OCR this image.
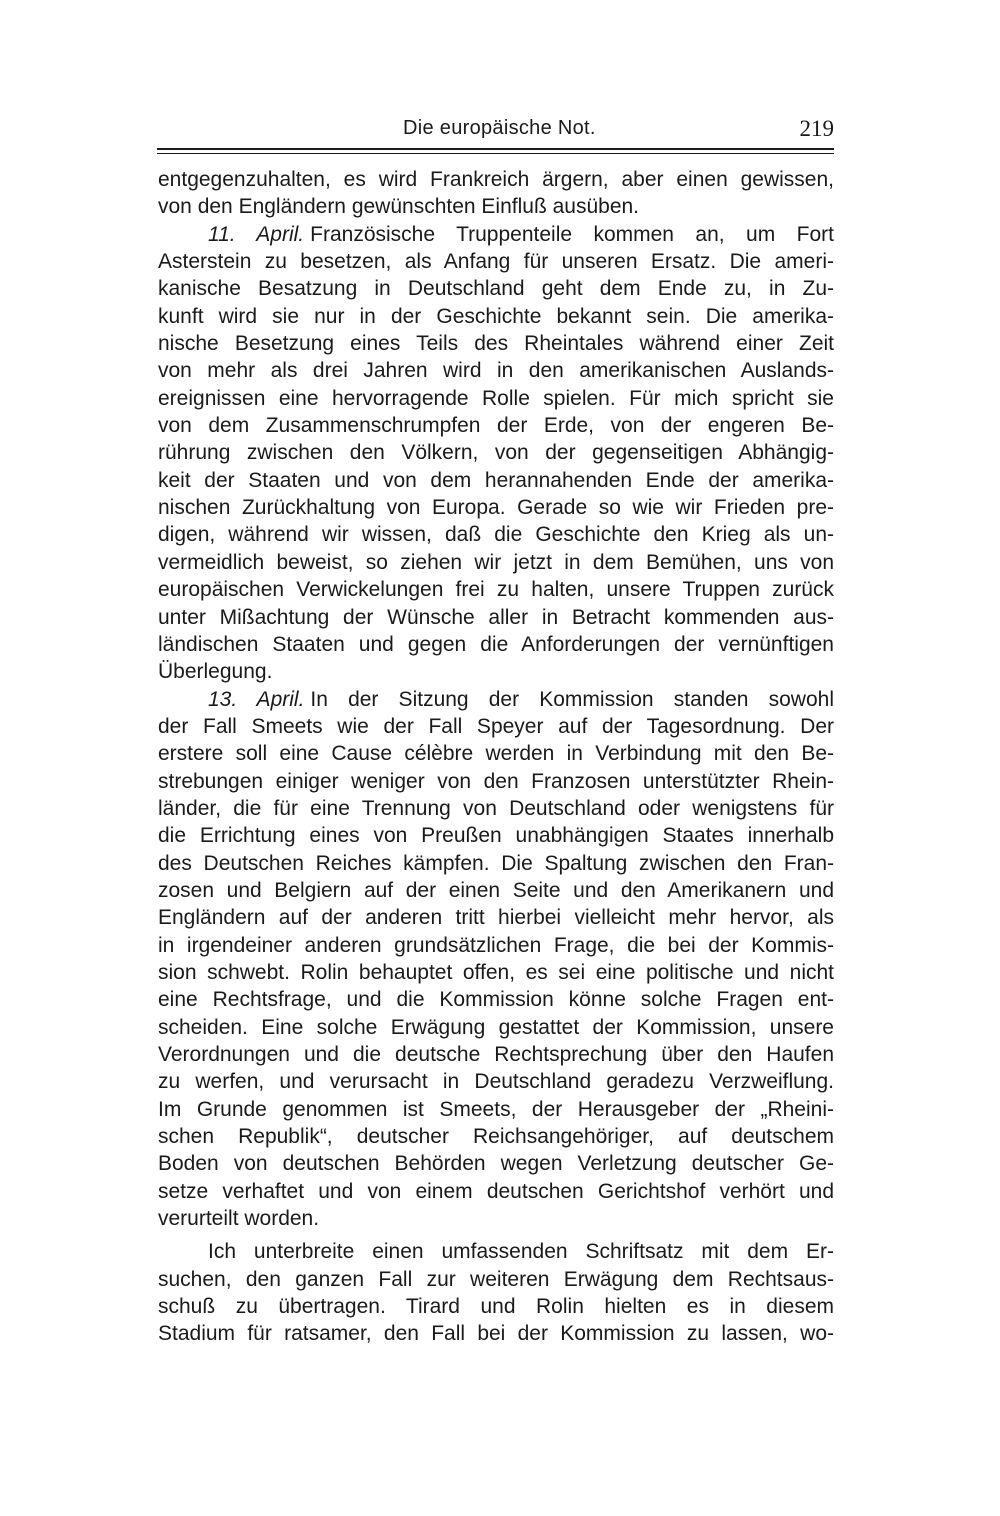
Die europäische Not.	219
entgegenzuhalten, es wird Frankreich ärgern, aber einen gewissen,
von den Engländern gewünschten Einfluß ausüben.
11. April. Französische Truppenteile kommen an, um Fort
Asterstein zu besetzen, als Anfang für unseren Ersatz. Die ameri-
kanische Besatzung in Deutschland geht dem Ende zu, in Zu-
kunft wird sie nur in der Geschichte bekannt sein. Die amerika-
nische Besetzung eines Teils des Rheintales während einer Zeit
von mehr als drei Jahren wird in den amerikanischen Auslands-
ereignissen eine hervorragende Rolle spielen. Für mich spricht sie
von dem Zusammenschrumpfen der Erde, von der engeren Be-
rührung zwischen den Völkern, von der gegenseitigen Abhängig-
keit der Staaten und von dem herannahenden Ende der amerika-
nischen Zurückhaltung von Europa. Gerade so wie wir Frieden pre-
digen, während wir wissen, daß die Geschichte den Krieg als un-
vermeidlich beweist, so ziehen wir jetzt in dem Bemühen, uns von
europäischen Verwickelungen frei zu halten, unsere Truppen zurück
unter Mißachtung der Wünsche aller in Betracht kommenden aus-
ländischen Staaten und gegen die Anforderungen der vernünftigen
Überlegung.
13. April. In der Sitzung der Kommission standen sowohl
der Fall Smeets wie der Fall Speyer auf der Tagesordnung. Der
erstere soll eine Cause célèbre werden in Verbindung mit den Be-
strebungen einiger weniger von den Franzosen unterstützter Rhein-
länder, die für eine Trennung von Deutschland oder wenigstens für
die Errichtung eines von Preußen unabhängigen Staates innerhalb
des Deutschen Reiches kämpfen. Die Spaltung zwischen den Fran-
zosen und Belgiern auf der einen Seite und den Amerikanern und
Engländern auf der anderen tritt hierbei vielleicht mehr hervor, als
in irgendeiner anderen grundsätzlichen Frage, die bei der Kommis-
sion schwebt. Rolin behauptet offen, es sei eine politische und nicht
eine Rechtsfrage, und die Kommission könne solche Fragen ent-
scheiden. Eine solche Erwägung gestattet der Kommission, unsere
Verordnungen und die deutsche Rechtsprechung über den Haufen
zu werfen, und verursacht in Deutschland geradezu Verzweiflung.
Im Grunde genommen ist Smeets, der Herausgeber der „Rheini-
schen Republik“, deutscher Reichsangehöriger, auf deutschem
Boden von deutschen Behörden wegen Verletzung deutscher Ge-
setze verhaftet und von einem deutschen Gerichtshof verhört und
verurteilt worden.
Ich unterbreite einen umfassenden Schriftsatz mit dem Er-
suchen, den ganzen Fall zur weiteren Erwägung dem Rechtsaus-
schuß zu übertragen. Tirard und Rolin hielten es in diesem
Stadium für ratsamer, den Fall bei der Kommission zu lassen, wo-
